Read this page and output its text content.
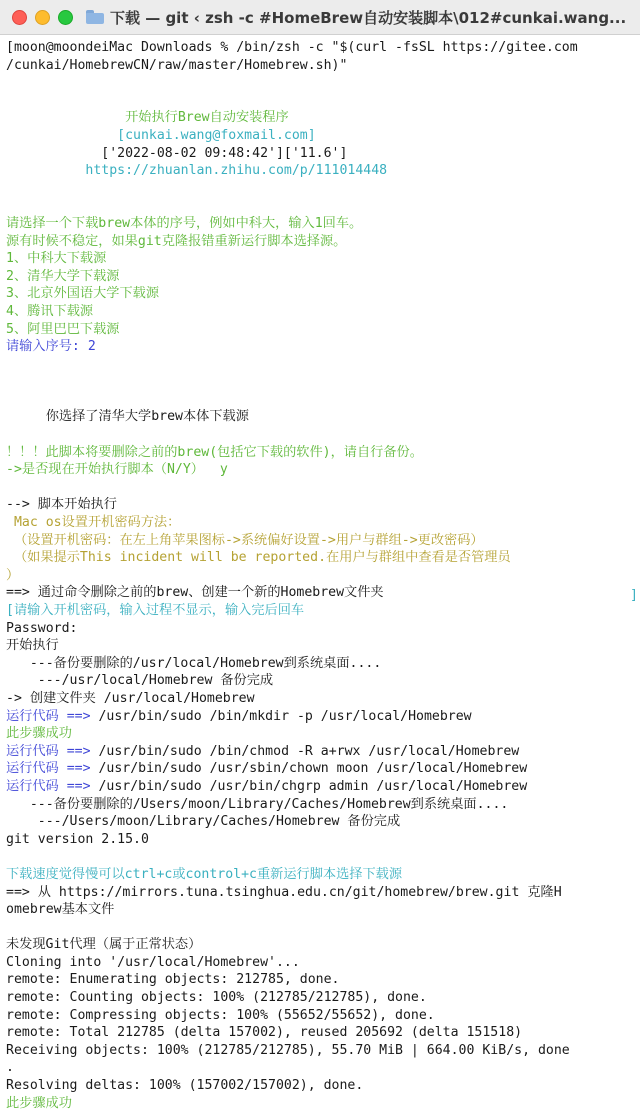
下载 — git ‹ zsh -c #HomeBrew自动安装脚本\012#cunkai.wang...
[moon@moondeiMac Downloads % /bin/zsh -c "$(curl -fsSL https://gitee.com
/cunkai/HomebrewCN/raw/master/Homebrew.sh)"
开始执行Brew自动安装程序
[cunkai.wang@foxmail.com]
['2022-08-02 09:48:42']['11.6']
https://zhuanlan.zhihu.com/p/111014448
请选择一个下载brew本体的序号，例如中科大，输入1回车。
源有时候不稳定，如果git克隆报错重新运行脚本选择源。
1、中科大下载源
2、清华大学下载源
3、北京外国语大学下载源
4、腾讯下载源
5、阿里巴巴下载源
请输入序号: 2
你选择了清华大学brew本体下载源
！！！此脚本将要删除之前的brew(包括它下载的软件)，请自行备份。
->是否现在开始执行脚本（N/Y）  y
--> 脚本开始执行
Mac os设置开机密码方法：
（设置开机密码：在左上角苹果图标->系统偏好设置->用户与群组->更改密码）
（如果提示This incident will be reported.在用户与群组中查看是否管理员
）
==> 通过命令删除之前的brew、创建一个新的Homebrew文件夹
[请输入开机密码，输入过程不显示，输入完后回车
Password:
开始执行
---备份要删除的/usr/local/Homebrew到系统桌面....
---/usr/local/Homebrew 备份完成
-> 创建文件夹 /usr/local/Homebrew
运行代码 ==> /usr/bin/sudo /bin/mkdir -p /usr/local/Homebrew
此步骤成功
运行代码 ==> /usr/bin/sudo /bin/chmod -R a+rwx /usr/local/Homebrew
运行代码 ==> /usr/bin/sudo /usr/sbin/chown moon /usr/local/Homebrew
运行代码 ==> /usr/bin/sudo /usr/bin/chgrp admin /usr/local/Homebrew
---备份要删除的/Users/moon/Library/Caches/Homebrew到系统桌面....
---/Users/moon/Library/Caches/Homebrew 备份完成
git version 2.15.0
下载速度觉得慢可以ctrl+c或control+c重新运行脚本选择下载源
==> 从 https://mirrors.tuna.tsinghua.edu.cn/git/homebrew/brew.git 克隆H
omebrew基本文件
未发现Git代理（属于正常状态）
Cloning into '/usr/local/Homebrew'...
remote: Enumerating objects: 212785, done.
remote: Counting objects: 100% (212785/212785), done.
remote: Compressing objects: 100% (55652/55652), done.
remote: Total 212785 (delta 157002), reused 205692 (delta 151518)
Receiving objects: 100% (212785/212785), 55.70 MiB | 664.00 KiB/s, done
.
Resolving deltas: 100% (157002/157002), done.
此步骤成功
]
